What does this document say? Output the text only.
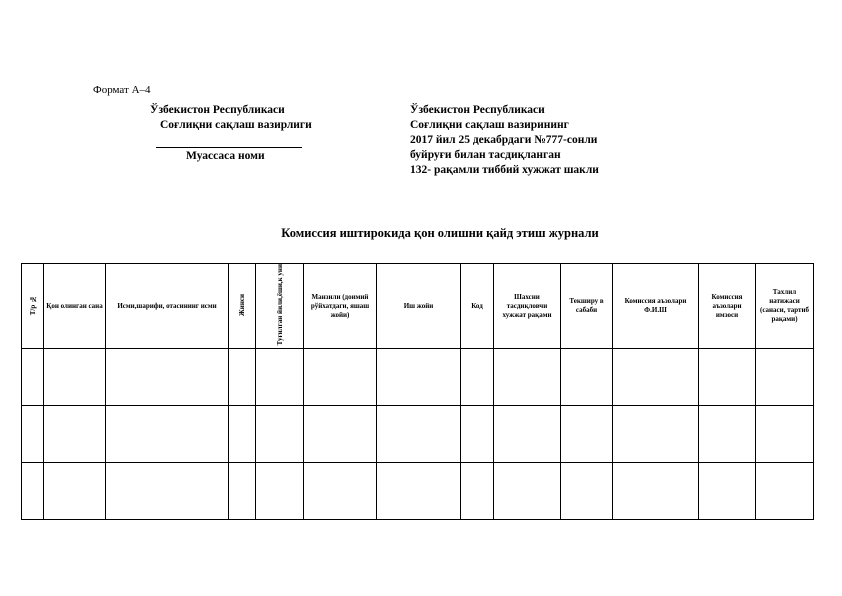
Формат А–4
Ўзбекистон Республикаси
Соғлиқни сақлаш вазирлиги
Муассаса номи
Ўзбекистон Республикаси
Соғлиқни сақлаш вазирининг
2017 йил 25 декабрдаги №777-сонли
буйруғи билан тасдиқланган
132- рақамли тиббий хужжат шакли
Комиссия иштирокида қон олишни қайд этиш журнали
Т/р №	Қон олинган сана	Исми,шарифи, отасининг исми	Жинси	Туғилган йили,ёши,к уни	Манзили (доимий рўйхатдаги, яшаш жойи)	Иш жойи	Код	Шахсни тасдиқловчи хужжат рақами	Текширу в сабаби	Комиссия аъзолари Ф.И.Ш	Комиссия аъзолари имзоси	Тахлил натижаси (санаси, тартиб рақами)
